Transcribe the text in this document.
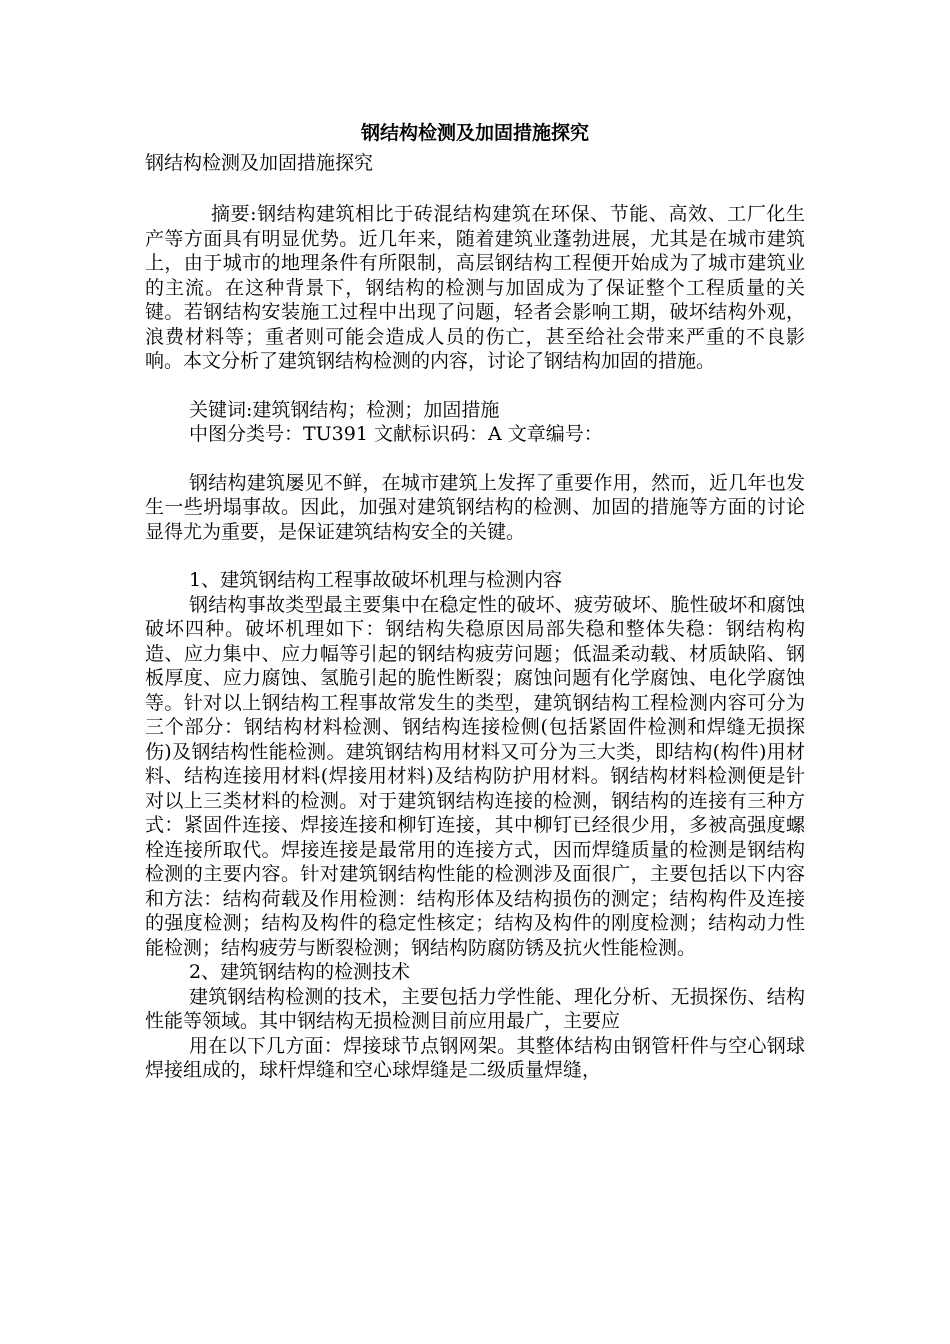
钢结构检测及加固措施探究

钢结构检测及加固措施探究

摘要:钢结构建筑相比于砖混结构建筑在环保、节能、高效、工厂化生产等方面具有明显优势。近几年来，随着建筑业蓬勃进展，尤其是在城市建筑上，由于城市的地理条件有所限制，高层钢结构工程便开始成为了城市建筑业的主流。在这种背景下，钢结构的检测与加固成为了保证整个工程质量的关键。若钢结构安装施工过程中出现了问题，轻者会影响工期，破坏结构外观，浪费材料等；重者则可能会造成人员的伤亡，甚至给社会带来严重的不良影响。本文分析了建筑钢结构检测的内容，讨论了钢结构加固的措施。

关键词:建筑钢结构；检测；加固措施

中图分类号：TU391 文献标识码：A 文章编号：

钢结构建筑屡见不鲜，在城市建筑上发挥了重要作用，然而，近几年也发生一些坍塌事故。因此，加强对建筑钢结构的检测、加固的措施等方面的讨论显得尤为重要，是保证建筑结构安全的关键。

1、建筑钢结构工程事故破坏机理与检测内容

钢结构事故类型最主要集中在稳定性的破坏、疲劳破坏、脆性破坏和腐蚀破坏四种。破坏机理如下：钢结构失稳原因局部失稳和整体失稳：钢结构构造、应力集中、应力幅等引起的钢结构疲劳问题；低温柔动载、材质缺陷、钢板厚度、应力腐蚀、氢脆引起的脆性断裂；腐蚀问题有化学腐蚀、电化学腐蚀等。针对以上钢结构工程事故常发生的类型，建筑钢结构工程检测内容可分为三个部分：钢结构材料检测、钢结构连接检侧(包括紧固件检测和焊缝无损探伤)及钢结构性能检测。建筑钢结构用材料又可分为三大类，即结构(构件)用材料、结构连接用材料(焊接用材料)及结构防护用材料。钢结构材料检测便是针对以上三类材料的检测。对于建筑钢结构连接的检测，钢结构的连接有三种方式：紧固件连接、焊接连接和柳钉连接，其中柳钉已经很少用，多被高强度螺栓连接所取代。焊接连接是最常用的连接方式，因而焊缝质量的检测是钢结构检测的主要内容。针对建筑钢结构性能的检测涉及面很广，主要包括以下内容和方法：结构荷载及作用检测：结构形体及结构损伤的测定；结构构件及连接的强度检测；结构及构件的稳定性核定；结构及构件的刚度检测；结构动力性能检测；结构疲劳与断裂检测；钢结构防腐防锈及抗火性能检测。

2、建筑钢结构的检测技术

建筑钢结构检测的技术，主要包括力学性能、理化分析、无损探伤、结构性能等领域。其中钢结构无损检测目前应用最广，主要应

用在以下几方面：焊接球节点钢网架。其整体结构由钢管杆件与空心钢球焊接组成的，球杆焊缝和空心球焊缝是二级质量焊缝，
